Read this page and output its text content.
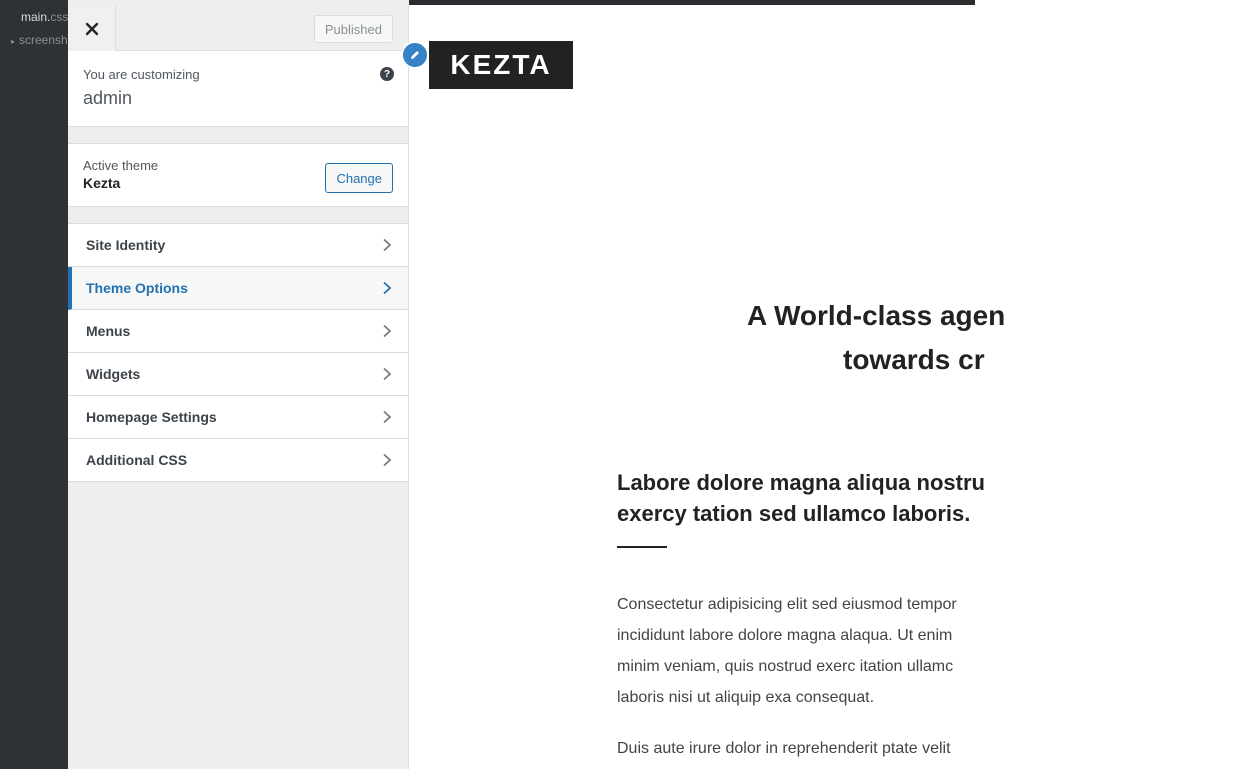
main.css
▸ screensh
Published
You are customizing
admin
?
Active theme
Kezta	Change
Site Identity
Theme Options
Menus
Widgets
Homepage Settings
Additional CSS
KEZTA
A World-class agen
towards cr
Labore dolore magna aliqua nostru
exercy tation sed ullamco laboris.
Consectetur adipisicing elit sed eiusmod tempor
incididunt labore dolore magna alaqua. Ut enim
minim veniam, quis nostrud exerc itation ullamc
laboris nisi ut aliquip exa consequat.
Duis aute irure dolor in reprehenderit ptate velit
